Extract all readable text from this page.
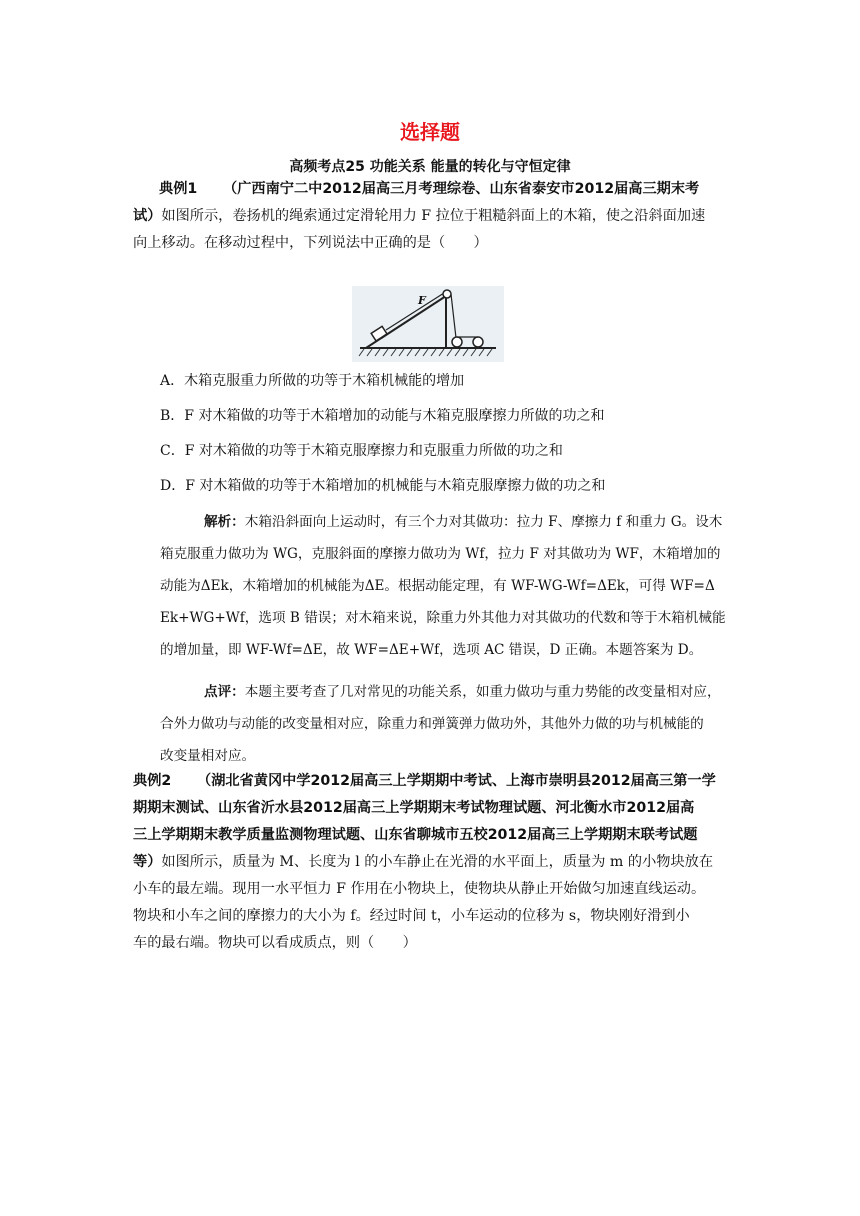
选择题
高频考点25 功能关系 能量的转化与守恒定律
典例1 （广西南宁二中2012届高三月考理综卷、山东省泰安市2012届高三期末考
试）如图所示，卷扬机的绳索通过定滑轮用力 F 拉位于粗糙斜面上的木箱，使之沿斜面加速
向上移动。在移动过程中，下列说法中正确的是（　　）
F
A．木箱克服重力所做的功等于木箱机械能的增加
B．F 对木箱做的功等于木箱增加的动能与木箱克服摩擦力所做的功之和
C．F 对木箱做的功等于木箱克服摩擦力和克服重力所做的功之和
D．F 对木箱做的功等于木箱增加的机械能与木箱克服摩擦力做的功之和
解析：木箱沿斜面向上运动时，有三个力对其做功：拉力 F、摩擦力 f 和重力 G。设木
箱克服重力做功为 WG，克服斜面的摩擦力做功为 Wf，拉力 F 对其做功为 WF，木箱增加的
动能为ΔEk，木箱增加的机械能为ΔE。根据动能定理，有 WF-WG-Wf=ΔEk，可得 WF=Δ
Ek+WG+Wf，选项 B 错误；对木箱来说，除重力外其他力对其做功的代数和等于木箱机械能
的增加量，即 WF-Wf=ΔE，故 WF=ΔE+Wf，选项 AC 错误，D 正确。本题答案为 D。
点评：本题主要考查了几对常见的功能关系，如重力做功与重力势能的改变量相对应，
合外力做功与动能的改变量相对应，除重力和弹簧弹力做功外，其他外力做的功与机械能的
改变量相对应。
典例2 （湖北省黄冈中学2012届高三上学期期中考试、上海市崇明县2012届高三第一学
期期末测试、山东省沂水县2012届高三上学期期末考试物理试题、河北衡水市2012届高
三上学期期末教学质量监测物理试题、山东省聊城市五校2012届高三上学期期末联考试题
等）如图所示，质量为 M、长度为 l 的小车静止在光滑的水平面上，质量为 m 的小物块放在
小车的最左端。现用一水平恒力 F 作用在小物块上，使物块从静止开始做匀加速直线运动。
物块和小车之间的摩擦力的大小为 f。经过时间 t，小车运动的位移为 s，物块刚好滑到小
车的最右端。物块可以看成质点，则（　　）
